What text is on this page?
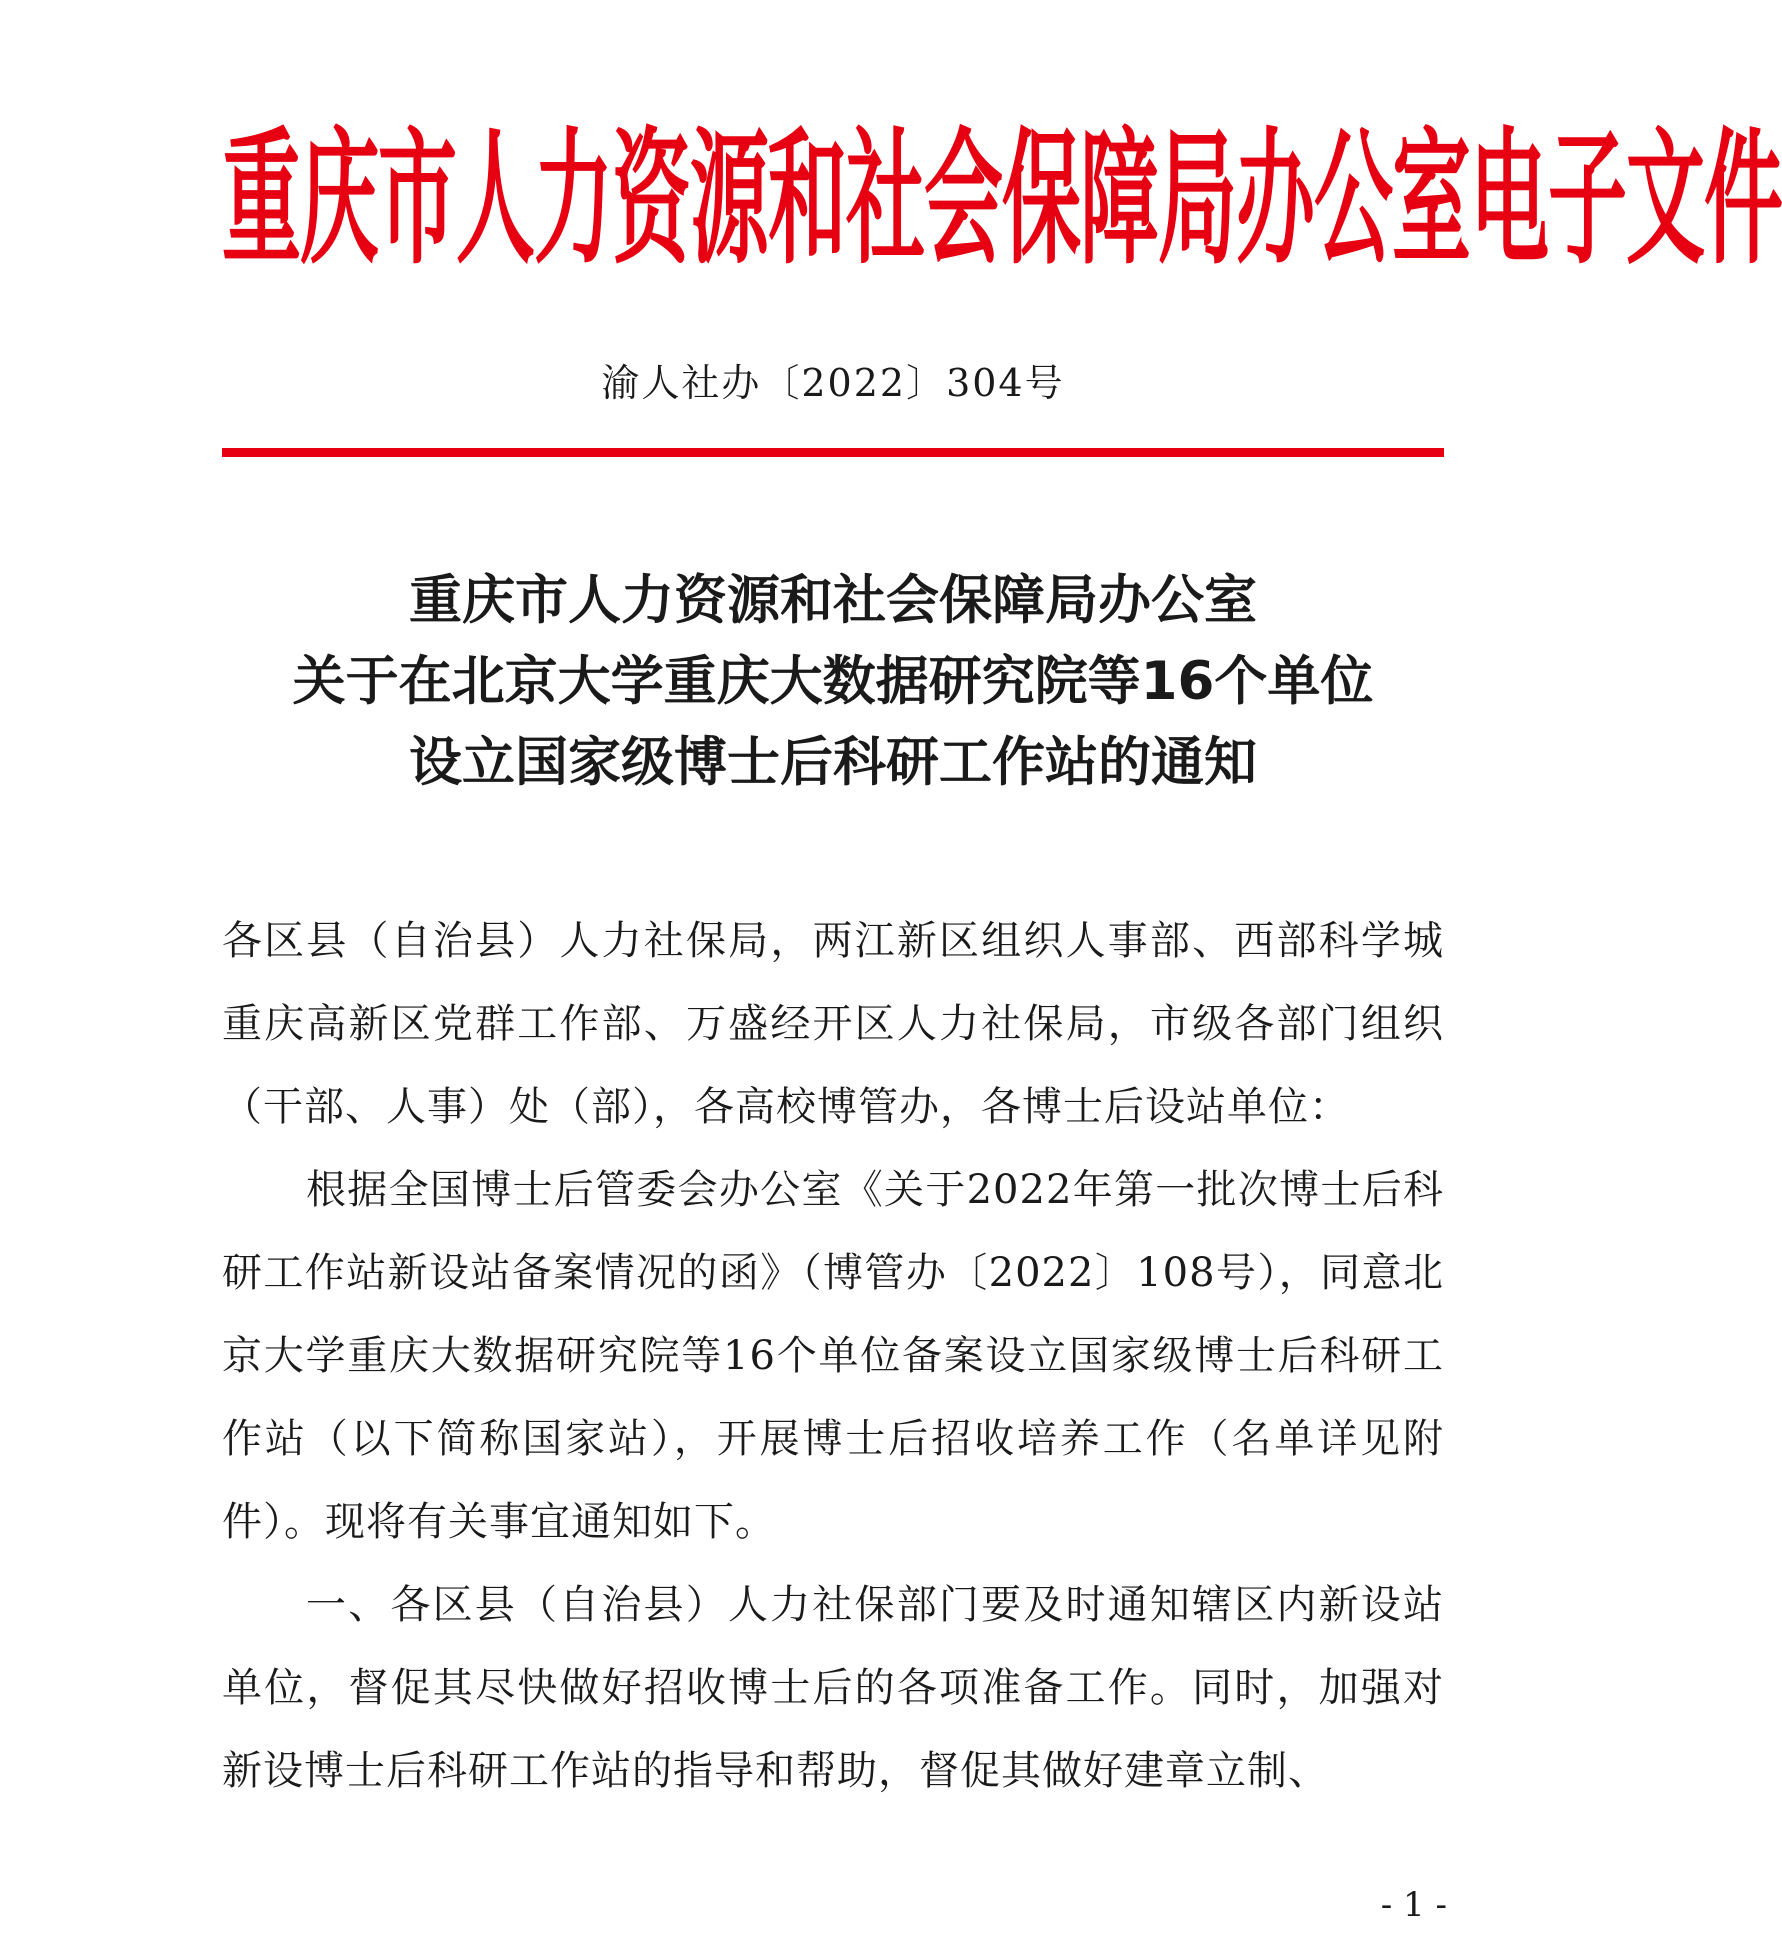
重庆市人力资源和社会保障局办公室电子文件
渝人社办〔2022〕304号
重庆市人力资源和社会保障局办公室
关于在北京大学重庆大数据研究院等16个单位
设立国家级博士后科研工作站的通知

各区县（自治县）人力社保局，两江新区组织人事部、西部科学城重庆高新区党群工作部、万盛经开区人力社保局，市级各部门组织（干部、人事）处（部），各高校博管办，各博士后设站单位：

根据全国博士后管委会办公室《关于2022年第一批次博士后科研工作站新设站备案情况的函》（博管办〔2022〕108号），同意北京大学重庆大数据研究院等16个单位备案设立国家级博士后科研工作站（以下简称国家站），开展博士后招收培养工作（名单详见附件）。现将有关事宜通知如下。

一、各区县（自治县）人力社保部门要及时通知辖区内新设站单位，督促其尽快做好招收博士后的各项准备工作。同时，加强对新设博士后科研工作站的指导和帮助，督促其做好建章立制、

- 1 -
